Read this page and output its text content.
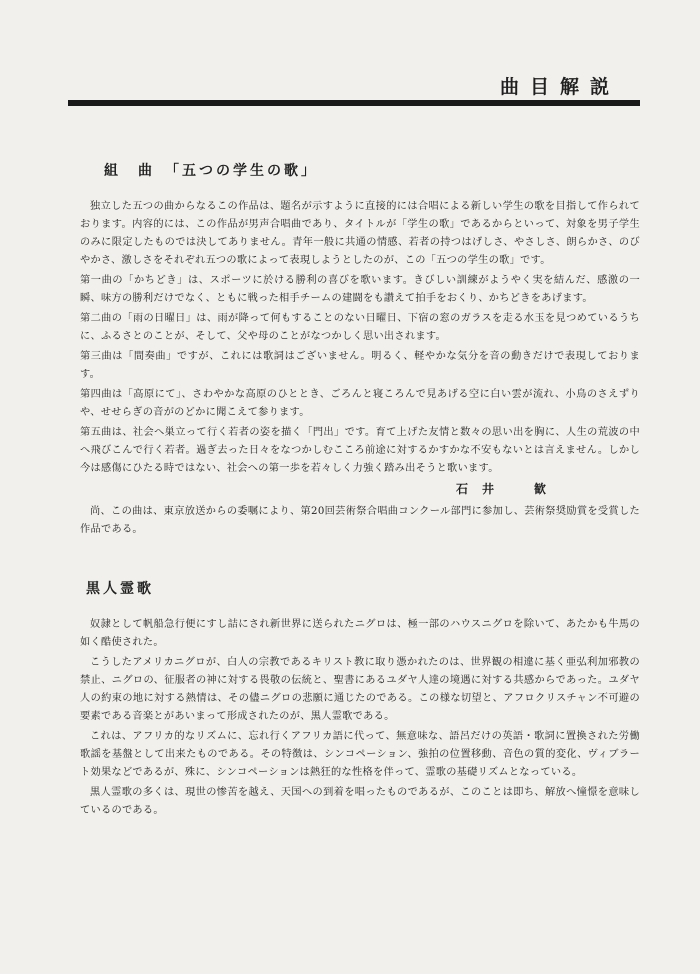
曲目解説
組　曲　「五つの学生の歌」

独立した五つの曲からなるこの作品は、題名が示すように直接的には合唱による新しい学生の歌を目指して作られております。内容的には、この作品が男声合唱曲であり、タイトルが「学生の歌」であるからといって、対象を男子学生のみに限定したものでは決してありません。青年一般に共通の情感、若者の持つはげしさ、やさしさ、朗らかさ、のびやかさ、激しさをそれぞれ五つの歌によって表現しようとしたのが、この「五つの学生の歌」です。

第一曲の「かちどき」は、スポーツに於ける勝利の喜びを歌います。きびしい訓練がようやく実を結んだ、感激の一瞬、味方の勝利だけでなく、ともに戦った相手チームの建闘をも讃えて拍手をおくり、かちどきをあげます。

第二曲の「雨の日曜日」は、雨が降って何もすることのない日曜日、下宿の窓のガラスを走る水玉を見つめているうちに、ふるさとのことが、そして、父や母のことがなつかしく思い出されます。

第三曲は「間奏曲」ですが、これには歌詞はございません。明るく、軽やかな気分を音の動きだけで表現しております。

第四曲は「高原にて」、さわやかな高原のひととき、ごろんと寝ころんで見あげる空に白い雲が流れ、小鳥のさえずりや、せせらぎの音がのどかに聞こえて参ります。

第五曲は、社会へ巣立って行く若者の姿を描く「門出」です。育て上げた友情と数々の思い出を胸に、人生の荒波の中へ飛びこんで行く若者。過ぎ去った日々をなつかしむこころ前途に対するかすかな不安もないとは言えません。しかし今は感傷にひたる時ではない、社会への第一歩を若々しく力強く踏み出そうと歌います。

石井　歓

尚、この曲は、東京放送からの委嘱により、第20回芸術祭合唱曲コンクール部門に参加し、芸術祭奨励賞を受賞した作品である。

黒人霊歌

奴隷として帆船急行便にすし詰にされ新世界に送られたニグロは、極一部のハウスニグロを除いて、あたかも牛馬の如く酷使された。

こうしたアメリカニグロが、白人の宗教であるキリスト教に取り憑かれたのは、世界観の相違に基く亜弘利加邪教の禁止、ニグロの、征服者の神に対する畏敬の伝統と、聖書にあるユダヤ人達の境遇に対する共感からであった。ユダヤ人の約束の地に対する熱情は、その儘ニグロの悲願に通じたのである。この様な切望と、アフロクリスチャン不可避の要素である音楽とがあいまって形成されたのが、黒人霊歌である。

これは、アフリカ的なリズムに、忘れ行くアフリカ語に代って、無意味な、語呂だけの英語・歌詞に置換された労働歌謡を基盤として出来たものである。その特徴は、シンコペーション、強拍の位置移動、音色の質的変化、ヴィブラート効果などであるが、殊に、シンコペーションは熱狂的な性格を伴って、霊歌の基礎リズムとなっている。

黒人霊歌の多くは、現世の惨苦を越え、天国への到着を唱ったものであるが、このことは即ち、解放へ憧憬を意味しているのである。
